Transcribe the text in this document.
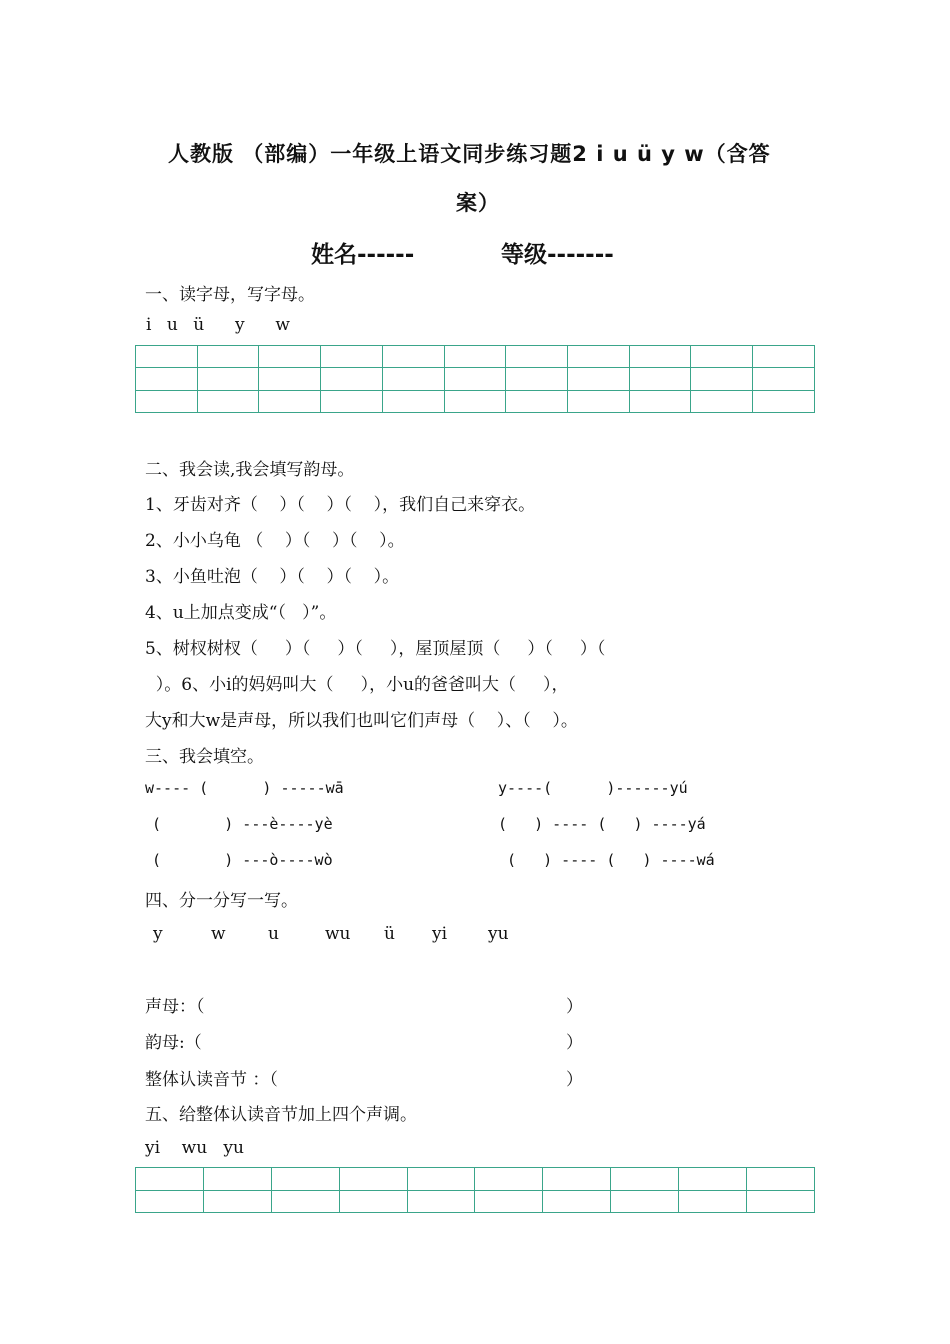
人教版 （部编）一年级上语文同步练习题2 i u ü y w（含答
案）
姓名------	等级-------
一、读字母，写字母。
i u ü  y  w

二、我会读,我会填写韵母。
1、牙齿对齐（    ）（    ）（    ），我们自己来穿衣。
2、小小乌龟 （    ）（    ）（    ）。
3、小鱼吐泡（    ）（    ）（    ）。
4、u上加点变成“（   ）”。
5、树杈树杈（     ）（     ）（     ），屋顶屋顶（     ）（     ）（
）。6、小i的妈妈叫大（     ），小u的爸爸叫大（     ），
大y和大w是声母，所以我们也叫它们声母（    ）、（    ）。
三、我会填空。
w---- (      ) -----wā
(       ) ---è----yè
(       ) ---ò----wò
y----(      )------yú
(   ) ---- (   ) ----yá
(   ) ---- (   ) ----wá
四、分一分写一写。
y	w u	wu ü yi yu
声母：（	）
韵母:（	）
整体认读音节 ：（	）
五、给整体认读音节加上四个声调。
yi    wu   yu
